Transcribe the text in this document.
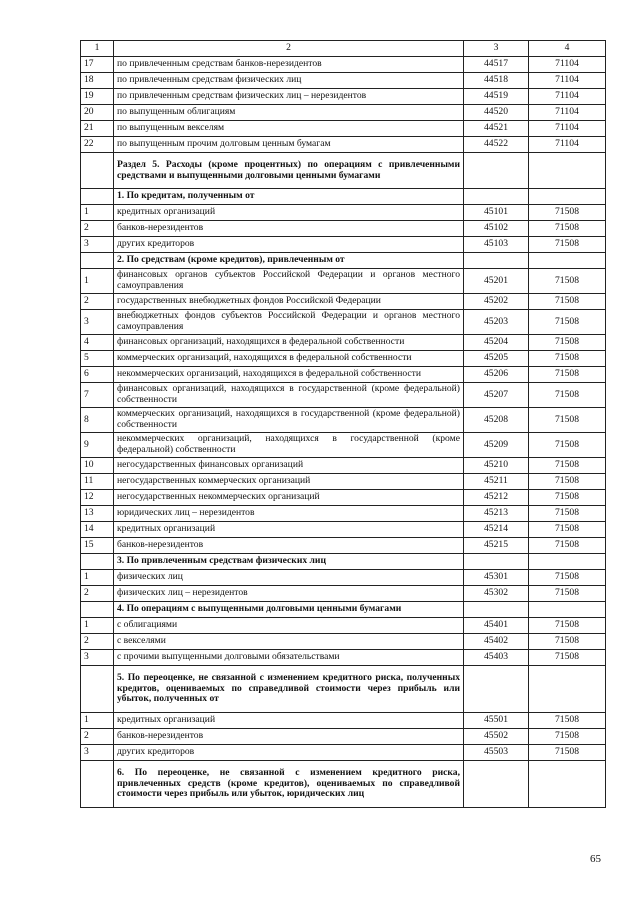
1	2	3	4
17	по привлеченным средствам банков-нерезидентов	44517	71104
18	по привлеченным средствам физических лиц	44518	71104
19	по привлеченным средствам физических лиц – нерезидентов	44519	71104
20	по выпущенным облигациям	44520	71104
21	по выпущенным векселям	44521	71104
22	по выпущенным прочим долговым ценным бумагам	44522	71104
	Раздел 5. Расходы (кроме процентных) по операциям с привлеченными средствами и выпущенными долговыми ценными бумагами		
	1. По кредитам, полученным от		
1	кредитных организаций	45101	71508
2	банков-нерезидентов	45102	71508
3	других кредиторов	45103	71508
	2. По средствам (кроме кредитов), привлеченным от		
1	финансовых органов субъектов Российской Федерации и органов местного самоуправления	45201	71508
2	государственных внебюджетных фондов Российской Федерации	45202	71508
3	внебюджетных фондов субъектов Российской Федерации и органов местного самоуправления	45203	71508
4	финансовых организаций, находящихся в федеральной собственности	45204	71508
5	коммерческих организаций, находящихся в федеральной собственности	45205	71508
6	некоммерческих организаций, находящихся в федеральной собственности	45206	71508
7	финансовых организаций, находящихся в государственной (кроме федеральной) собственности	45207	71508
8	коммерческих организаций, находящихся в государственной (кроме федеральной) собственности	45208	71508
9	некоммерческих организаций, находящихся в государственной (кроме федеральной) собственности	45209	71508
10	негосударственных финансовых организаций	45210	71508
11	негосударственных коммерческих организаций	45211	71508
12	негосударственных некоммерческих организаций	45212	71508
13	юридических лиц – нерезидентов	45213	71508
14	кредитных организаций	45214	71508
15	банков-нерезидентов	45215	71508
	3. По привлеченным средствам физических лиц		
1	физических лиц	45301	71508
2	физических лиц – нерезидентов	45302	71508
	4. По операциям с выпущенными долговыми ценными бумагами		
1	с облигациями	45401	71508
2	с векселями	45402	71508
3	с прочими выпущенными долговыми обязательствами	45403	71508
	5. По переоценке, не связанной с изменением кредитного риска, полученных кредитов, оцениваемых по справедливой стоимости через прибыль или убыток, полученных от		
1	кредитных организаций	45501	71508
2	банков-нерезидентов	45502	71508
3	других кредиторов	45503	71508
	6. По переоценке, не связанной с изменением кредитного риска, привлеченных средств (кроме кредитов), оцениваемых по справедливой стоимости через прибыль или убыток, юридических лиц		
65
